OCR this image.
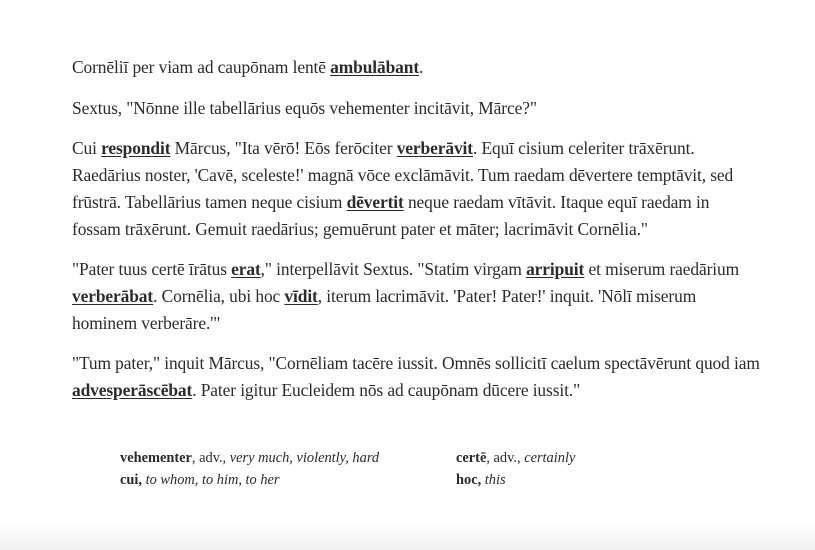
Cornēliī per viam ad caupōnam lentē ambulābant.

Sextus, "Nōnne ille tabellārius equōs vehementer incitāvit, Mārce?"

Cui respondit Mārcus, "Ita vērō! Eōs ferōciter verberāvit. Equī cisium celeriter trāxērunt. Raedārius noster, 'Cavē, sceleste!' magnā vōce exclāmāvit. Tum raedam dēvertere temptāvit, sed frūstrā. Tabellārius tamen neque cisium dēvertit neque raedam vītāvit. Itaque equī raedam in fossam trāxērunt. Gemuit raedārius; gemuērunt pater et māter; lacrimāvit Cornēlia."

"Pater tuus certē īrātus erat," interpellāvit Sextus. "Statim virgam arripuit et miserum raedārium verberābat. Cornēlia, ubi hoc vīdit, iterum lacrimāvit. 'Pater! Pater!' inquit. 'Nōlī miserum hominem verberāre.'"

"Tum pater," inquit Mārcus, "Cornēliam tacēre iussit. Omnēs sollicitī caelum spectāvērunt quod iam advesperāscēbat. Pater igitur Eucleidem nōs ad caupōnam dūcere iussit."

vehementer, adv., very much, violently, hard	certē, adv., certainly
cui, to whom, to him, to her	hoc, this
